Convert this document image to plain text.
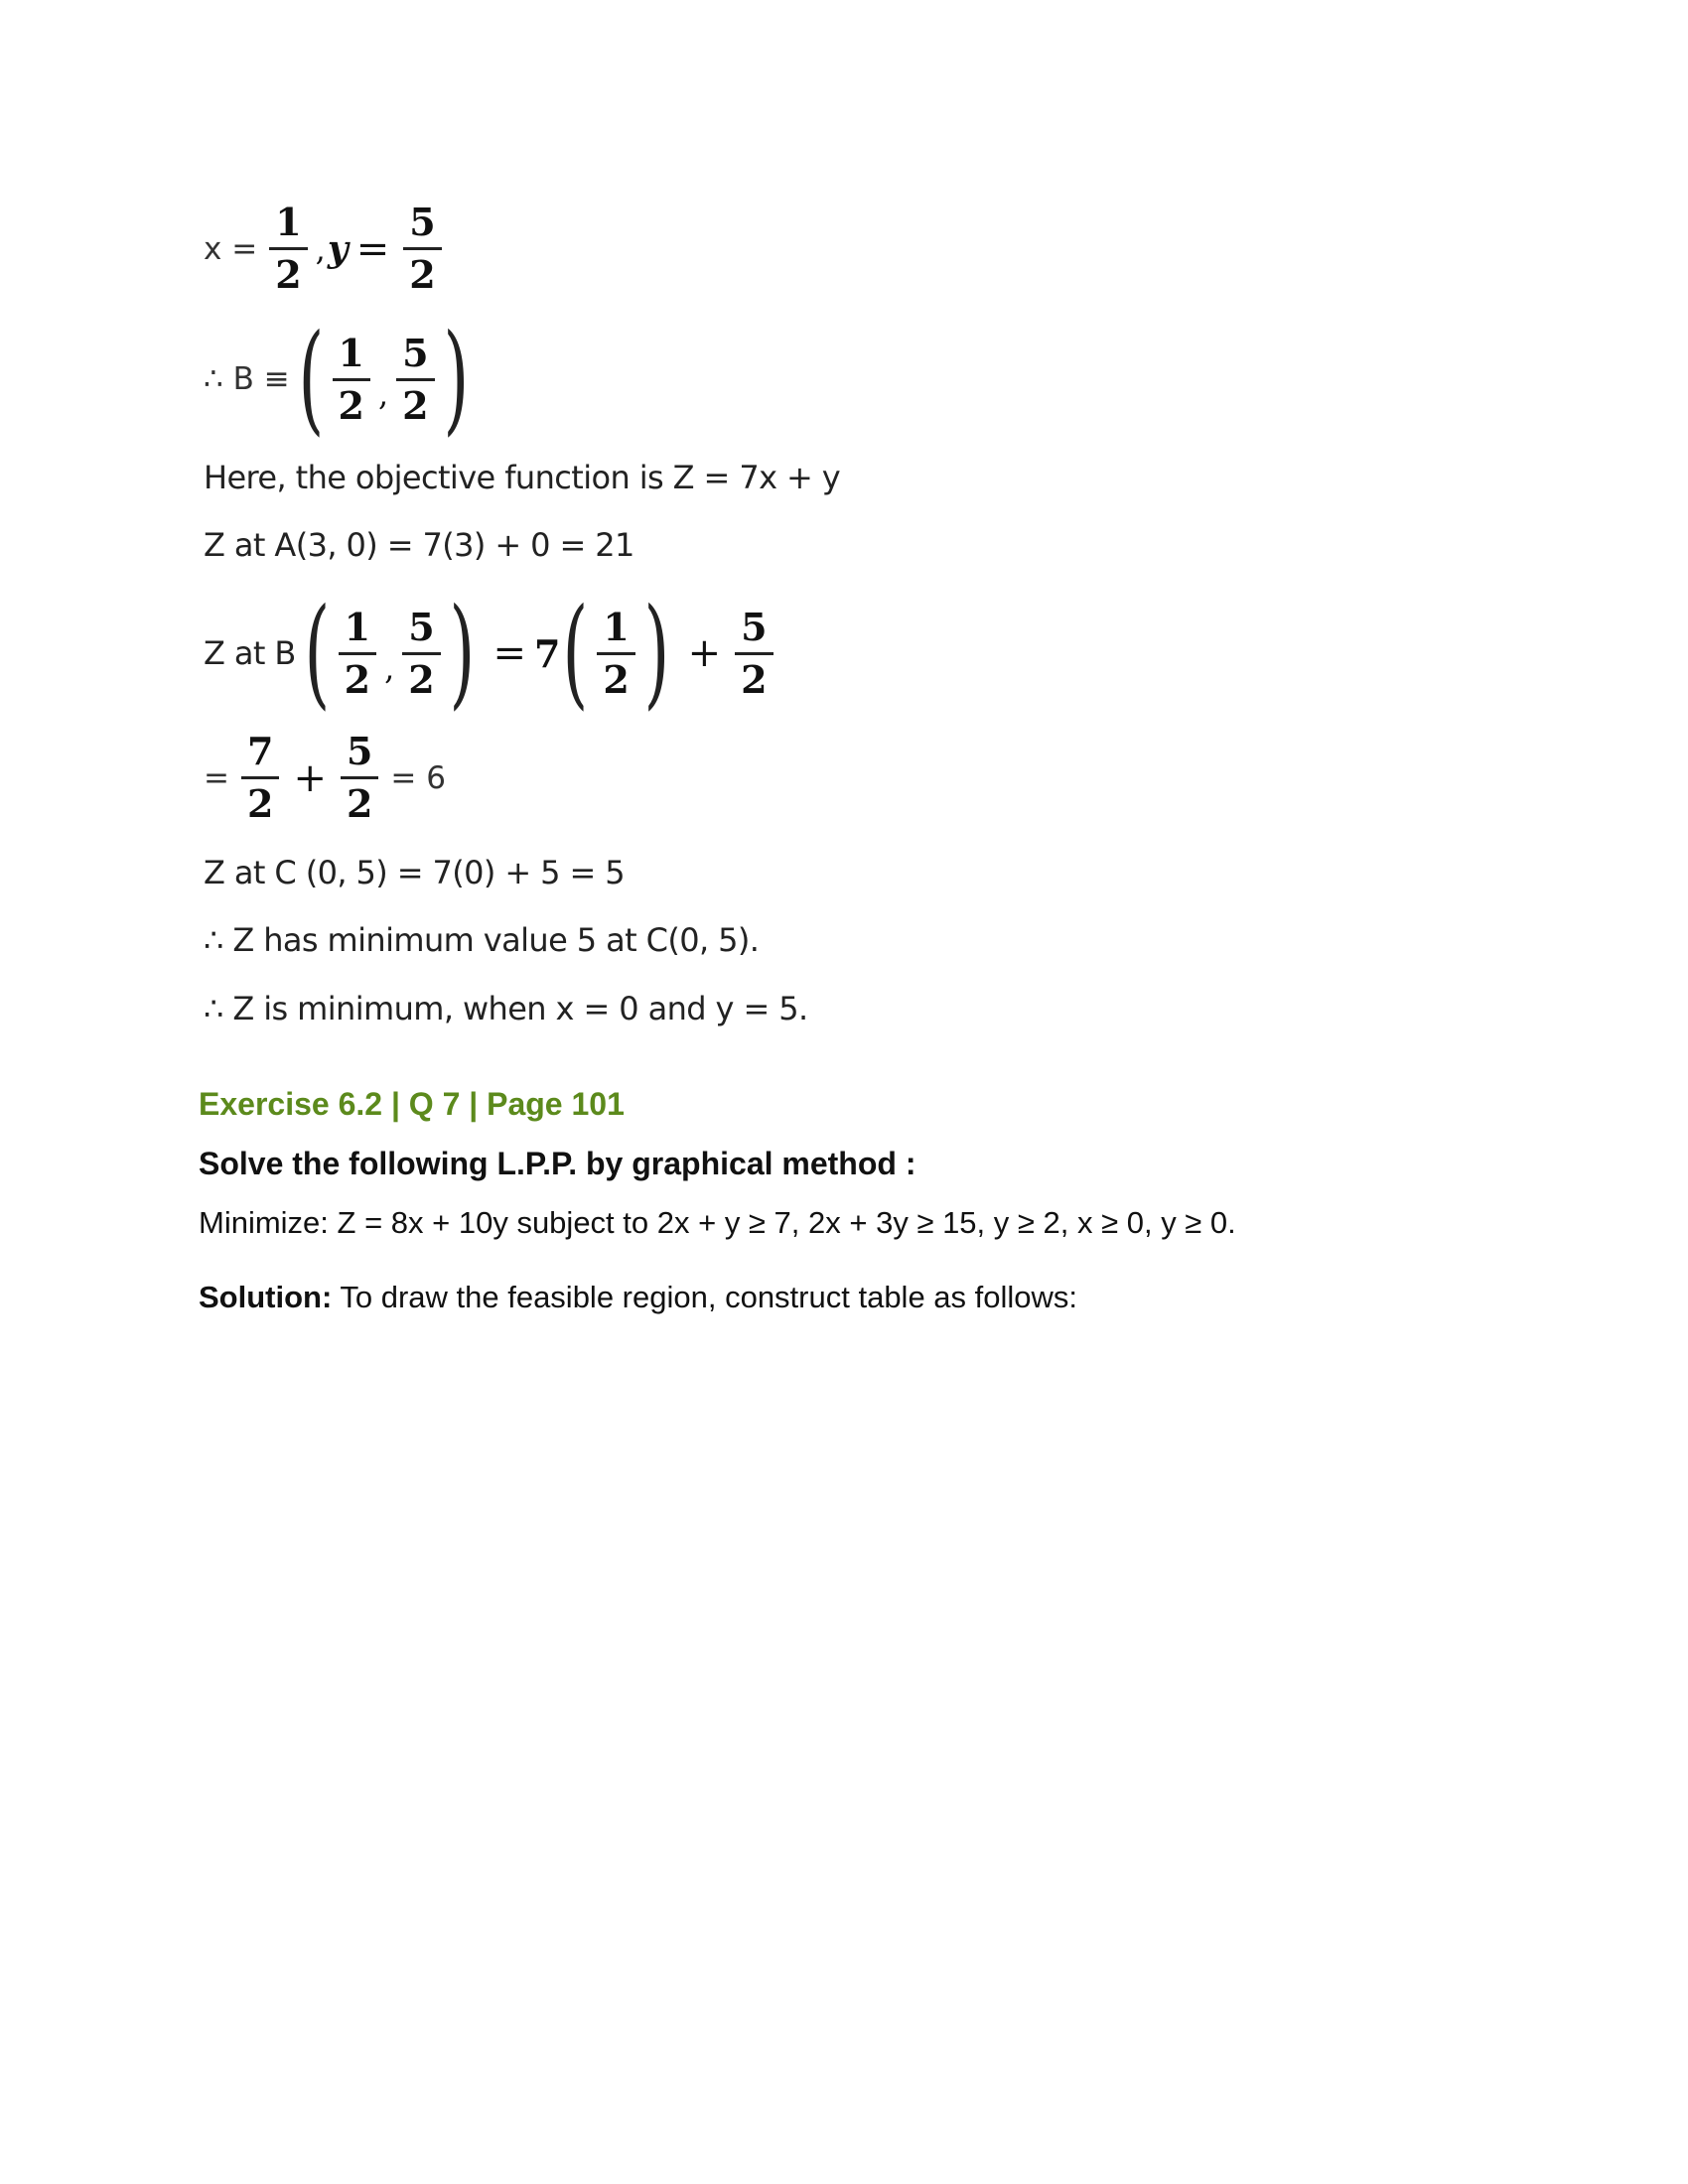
$x = \frac{1}{2}$ , $y = \frac{5}{2}$
∴ B ≡ ( $\frac{1}{2}$ , $\frac{5}{2}$ )
Here, the objective function is Z = 7x + y
Z at A(3, 0) = 7(3) + 0 = 21
Z at B ( $\frac{1}{2}$ , $\frac{5}{2}$ ) = 7 ( $\frac{1}{2}$ ) + $\frac{5}{2}$
= $\frac{7}{2} + \frac{5}{2} = 6$
Z at C (0, 5) = 7(0) + 5 = 5
∴ Z has minimum value 5 at C(0, 5).
∴ Z is minimum, when x = 0 and y = 5.
Exercise 6.2 | Q 7 | Page 101
Solve the following L.P.P. by graphical method :
Minimize: Z = 8x + 10y subject to 2x + y ≥ 7, 2x + 3y ≥ 15, y ≥ 2, x ≥ 0, y ≥ 0.
Solution: To draw the feasible region, construct table as follows:
